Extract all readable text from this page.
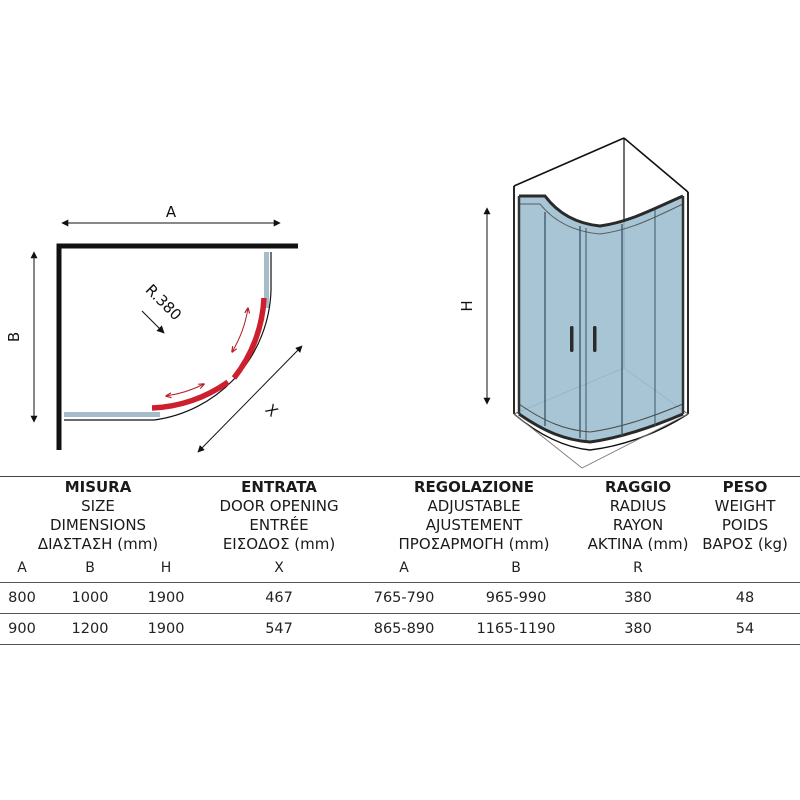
A
B
X
R.380	H
MISURA
SIZE
DIMENSIONS
ΔΙΑΣΤΑΣΗ (mm)			ENTRATA
DOOR OPENING
ENTRÉE
ΕΙΣΟΔΟΣ (mm)	REGOLAZIONE
ADJUSTABLE
AJUSTEMENT
ΠΡΟΣΑΡΜΟΓΗ (mm)		RAGGIO
RADIUS
RAYON
ΑΚΤΙΝΑ (mm)	PESO
WEIGHT
POIDS
ΒΑΡΟΣ (kg)

A	B	H	X	A	B	R	
800	1000	1900	467	765-790	965-990	380	48
900	1200	1900	547	865-890	1165-1190	380	54
